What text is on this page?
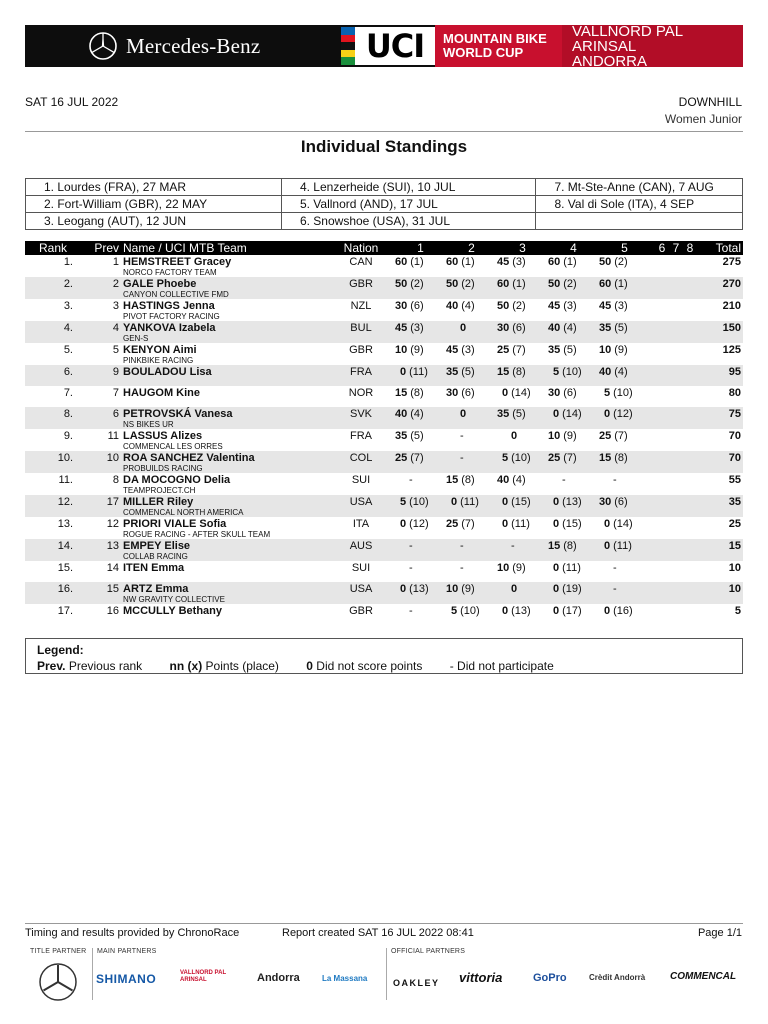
Mercedes-Benz	UCI MOUNTAIN BIKE
WORLD CUP
VALLNORD PAL ARINSAL
ANDORRA
SAT 16 JUL 2022	DOWNHILL
Women Junior
Individual Standings
1. Lourdes (FRA), 27 MAR	4. Lenzerheide (SUI), 10 JUL	7. Mt-Ste-Anne (CAN), 7 AUG
2. Fort-William (GBR), 22 MAY	5. Vallnord (AND), 17 JUL	8. Val di Sole (ITA), 4 SEP
3. Leogang (AUT), 12 JUN	6. Snowshoe (USA), 31 JUL	
Rank	Prev	Name / UCI MTB Team	Nation	1	2	3	4	5	6 7 8	Total

1.	1	HEMSTREET Gracey
NORCO FACTORY TEAM	CAN	60 (1)	60 (1)	45 (3)	60 (1)	50 (2)		275

2.	2	GALE Phoebe
CANYON COLLECTIVE FMD	GBR	50 (2)	50 (2)	60 (1)	50 (2)	60 (1)		270

3.	3	HASTINGS Jenna
PIVOT FACTORY RACING	NZL	30 (6)	40 (4)	50 (2)	45 (3)	45 (3)		210

4.	4	YANKOVA Izabela
GEN-S	BUL	45 (3)	0	30 (6)	40 (4)	35 (5)		150

5.	5	KENYON Aimi
PINKBIKE RACING	GBR	10 (9)	45 (3)	25 (7)	35 (5)	10 (9)		125

6.	9	BOULADOU Lisa	FRA	0 (11)	35 (5)	15 (8)	5 (10)	40 (4)		95

7.	7	HAUGOM Kine	NOR	15 (8)	30 (6)	0 (14)	30 (6)	5 (10)		80

8.	6	PETROVSKÁ Vanesa
NS BIKES UR	SVK	40 (4)	0	35 (5)	0 (14)	0 (12)		75

9.	11	LASSUS Alizes
COMMENCAL LES ORRES	FRA	35 (5)	-	0	10 (9)	25 (7)		70

10.	10	ROA SANCHEZ Valentina
PROBUILDS RACING	COL	25 (7)	-	5 (10)	25 (7)	15 (8)		70

11.	8	DA MOCOGNO Delia
TEAMPROJECT.CH	SUI	-	15 (8)	40 (4)	-	-		55

12.	17	MILLER Riley
COMMENCAL NORTH AMERICA	USA	5 (10)	0 (11)	0 (15)	0 (13)	30 (6)		35

13.	12	PRIORI VIALE Sofia
ROGUE RACING - AFTER SKULL TEAM	ITA	0 (12)	25 (7)	0 (11)	0 (15)	0 (14)		25

14.	13	EMPEY Elise
COLLAB RACING	AUS	-	-	-	15 (8)	0 (11)		15

15.	14	ITEN Emma	SUI	-	-	10 (9)	0 (11)	-		10

16.	15	ARTZ Emma
NW GRAVITY COLLECTIVE	USA	0 (13)	10 (9)	0	0 (19)	-		10

17.	16	MCCULLY Bethany	GBR	-	5 (10)	0 (13)	0 (17)	0 (16)		5
Legend:
Prev. Previous rank nn (x) Points (place) 0 Did not score points - Did not participate
Timing and results provided by ChronoRace	Report created SAT 16 JUL 2022 08:41	Page 1/1
TITLE PARTNER MAIN PARTNERS	OFFICIAL PARTNERS
SHIMANO	VALLNORD PAL ARINSAL	Andorra	La Massana	OAKLEY vittoria	GoPro	Crèdit Andorrà COMMENCAL
